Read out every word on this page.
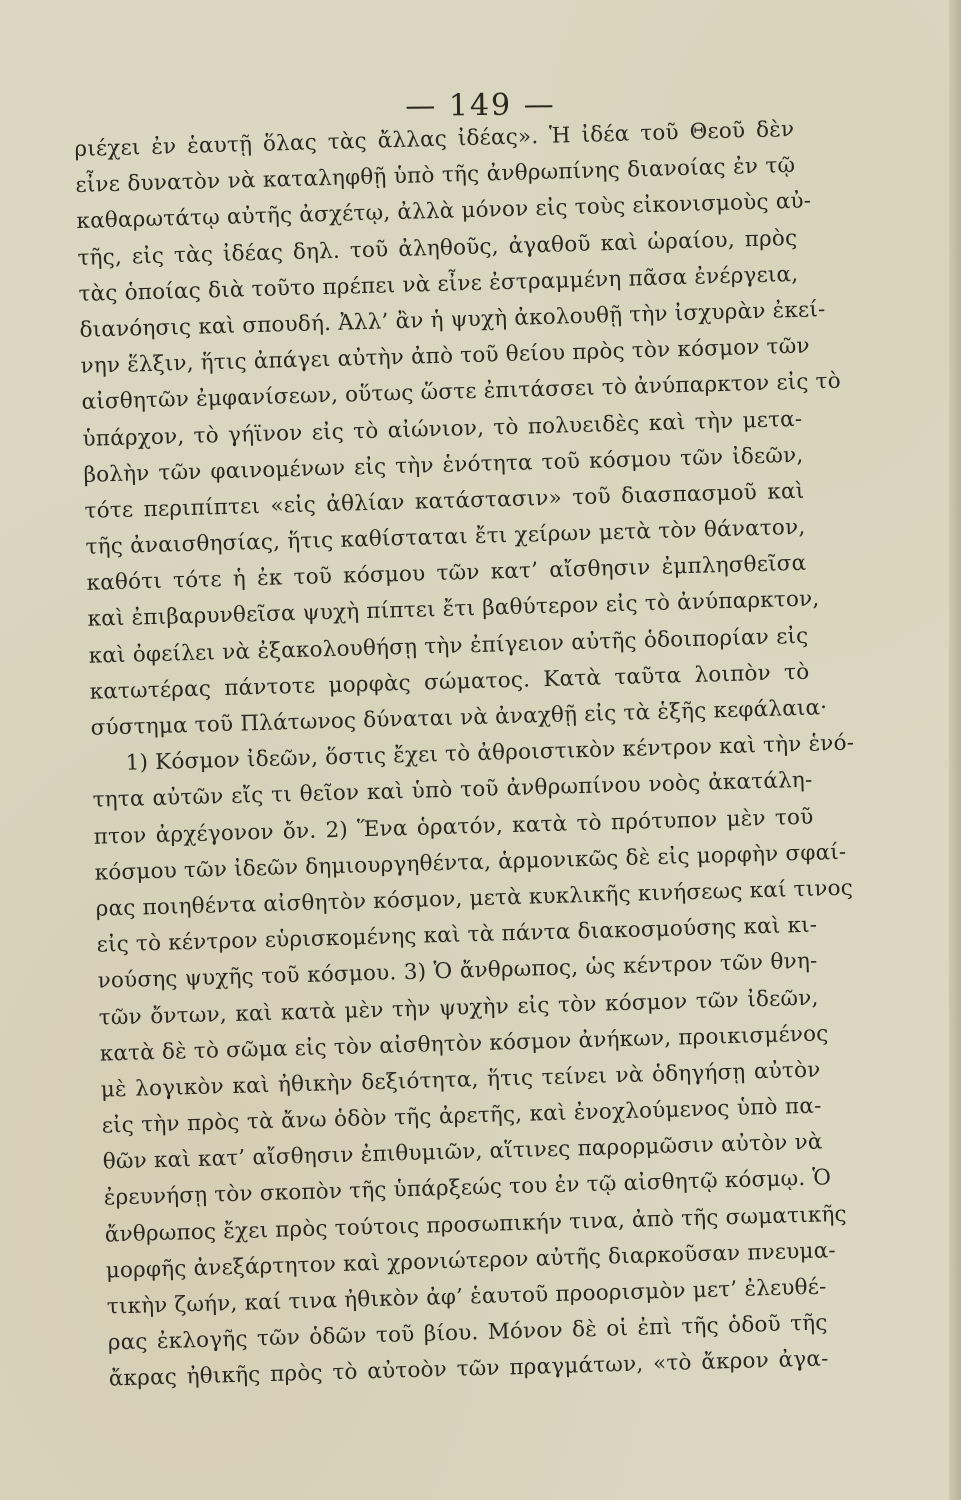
— 149 —
ριέχει ἐν ἑαυτῇ ὅλας τὰς ἄλλας ἰδέας». Ἡ ἰδέα τοῦ Θεοῦ δὲν
εἶνε δυνατὸν νὰ καταληφθῇ ὑπὸ τῆς ἀνθρωπίνης διανοίας ἐν τῷ
καθαρωτάτῳ αὐτῆς ἀσχέτῳ, ἀλλὰ μόνον εἰς τοὺς εἰκονισμοὺς αὐ-
τῆς, εἰς τὰς ἰδέας δηλ. τοῦ ἀληθοῦς, ἀγαθοῦ καὶ ὡραίου, πρὸς
τὰς ὁποίας διὰ τοῦτο πρέπει νὰ εἶνε ἐστραμμένη πᾶσα ἐνέργεια,
διανόησις καὶ σπουδή. Ἀλλ’ ἂν ἡ ψυχὴ ἀκολουθῇ τὴν ἰσχυρὰν ἐκεί-
νην ἕλξιν, ἥτις ἀπάγει αὐτὴν ἀπὸ τοῦ θείου πρὸς τὸν κόσμον τῶν
αἰσθητῶν ἐμφανίσεων, οὕτως ὥστε ἐπιτάσσει τὸ ἀνύπαρκτον εἰς τὸ
ὑπάρχον, τὸ γήϊνον εἰς τὸ αἰώνιον, τὸ πολυειδὲς καὶ τὴν μετα-
βολὴν τῶν φαινομένων εἰς τὴν ἑνότητα τοῦ κόσμου τῶν ἰδεῶν,
τότε περιπίπτει «εἰς ἀθλίαν κατάστασιν» τοῦ διασπασμοῦ καὶ
τῆς ἀναισθησίας, ἥτις καθίσταται ἔτι χείρων μετὰ τὸν θάνατον,
καθότι τότε ἡ ἐκ τοῦ κόσμου τῶν κατ’ αἴσθησιν ἐμπλησθεῖσα
καὶ ἐπιβαρυνθεῖσα ψυχὴ πίπτει ἔτι βαθύτερον εἰς τὸ ἀνύπαρκτον,
καὶ ὀφείλει νὰ ἐξακολουθήσῃ τὴν ἐπίγειον αὐτῆς ὁδοιπορίαν εἰς
κατωτέρας πάντοτε μορφὰς σώματος. Κατὰ ταῦτα λοιπὸν τὸ
σύστημα τοῦ Πλάτωνος δύναται νὰ ἀναχθῇ εἰς τὰ ἑξῆς κεφάλαια·
1) Κόσμον ἰδεῶν, ὅστις ἔχει τὸ ἀθροιστικὸν κέντρον καὶ τὴν ἑνό-
τητα αὐτῶν εἴς τι θεῖον καὶ ὑπὸ τοῦ ἀνθρωπίνου νοὸς ἀκατάλη-
πτον ἀρχέγονον ὄν. 2) Ἕνα ὁρατόν, κατὰ τὸ πρότυπον μὲν τοῦ
κόσμου τῶν ἰδεῶν δημιουργηθέντα, ἁρμονικῶς δὲ εἰς μορφὴν σφαί-
ρας ποιηθέντα αἰσθητὸν κόσμον, μετὰ κυκλικῆς κινήσεως καί τινος
εἰς τὸ κέντρον εὑρισκομένης καὶ τὰ πάντα διακοσμούσης καὶ κι-
νούσης ψυχῆς τοῦ κόσμου. 3) Ὁ ἄνθρωπος, ὡς κέντρον τῶν θνη-
τῶν ὄντων, καὶ κατὰ μὲν τὴν ψυχὴν εἰς τὸν κόσμον τῶν ἰδεῶν,
κατὰ δὲ τὸ σῶμα εἰς τὸν αἰσθητὸν κόσμον ἀνήκων, προικισμένος
μὲ λογικὸν καὶ ἠθικὴν δεξιότητα, ἥτις τείνει νὰ ὁδηγήσῃ αὐτὸν
εἰς τὴν πρὸς τὰ ἄνω ὁδὸν τῆς ἀρετῆς, καὶ ἐνοχλούμενος ὑπὸ πα-
θῶν καὶ κατ’ αἴσθησιν ἐπιθυμιῶν, αἵτινες παρορμῶσιν αὐτὸν νὰ
ἐρευνήσῃ τὸν σκοπὸν τῆς ὑπάρξεώς του ἐν τῷ αἰσθητῷ κόσμῳ. Ὁ
ἄνθρωπος ἔχει πρὸς τούτοις προσωπικήν τινα, ἀπὸ τῆς σωματικῆς
μορφῆς ἀνεξάρτητον καὶ χρονιώτερον αὐτῆς διαρκοῦσαν πνευμα-
τικὴν ζωήν, καί τινα ἠθικὸν ἀφ’ ἑαυτοῦ προορισμὸν μετ’ ἐλευθέ-
ρας ἐκλογῆς τῶν ὁδῶν τοῦ βίου. Μόνον δὲ οἱ ἐπὶ τῆς ὁδοῦ τῆς
ἄκρας ἠθικῆς πρὸς τὸ αὐτοὸν τῶν πραγμάτων, «τὸ ἄκρον ἀγα-
